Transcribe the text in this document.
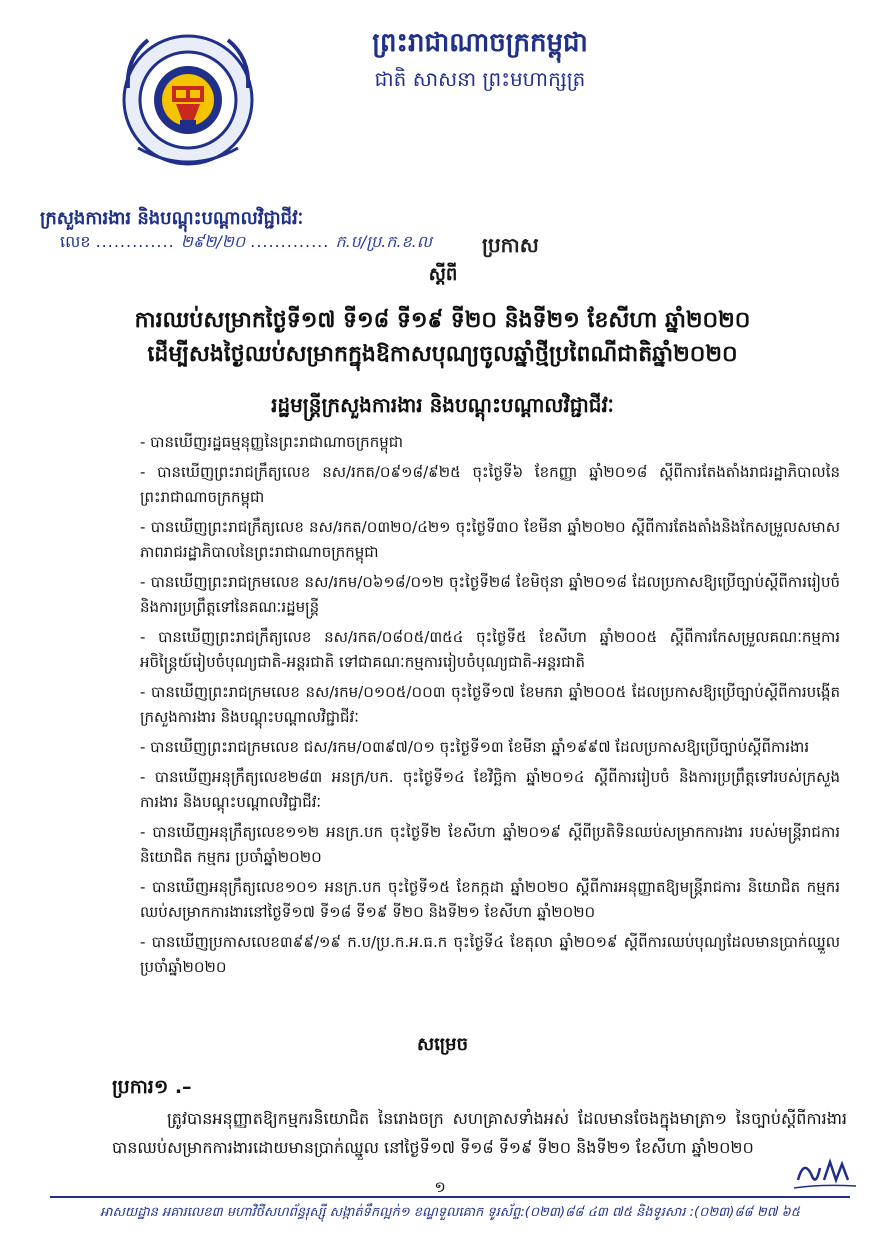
ព្រះរាជាណាចក្រកម្ពុជា
ជាតិ សាសនា ព្រះមហាក្សត្រ
ក្រសួងការងារ និងបណ្តុះបណ្តាលវិជ្ជាជីវៈ
លេខ ............. ២៩២/២០ ............. ក.ប/ប្រ.ក.ខ.ល	ប្រកាស
ស្តីពី
ការឈប់សម្រាកថ្ងៃទី១៧ ទី១៨ ទី១៩ ទី២០ និងទី២១ ខែសីហា ឆ្នាំ២០២០
ដើម្បីសងថ្ងៃឈប់សម្រាកក្នុងឱកាសបុណ្យចូលឆ្នាំថ្មីប្រពៃណីជាតិឆ្នាំ២០២០
រដ្ឋមន្ត្រីក្រសួងការងារ និងបណ្តុះបណ្តាលវិជ្ជាជីវៈ
- បានឃើញរដ្ឋធម្មនុញ្ញនៃព្រះរាជាណាចក្រកម្ពុជា
- បានឃើញព្រះរាជក្រឹត្យលេខ នស/រកត/០៩១៨/៩២៥ ចុះថ្ងៃទី៦ ខែកញ្ញា ឆ្នាំ២០១៨ ស្តីពីការតែងតាំងរាជរដ្ឋាភិបាលនៃព្រះរាជាណាចក្រកម្ពុជា
- បានឃើញព្រះរាជក្រឹត្យលេខ នស/រកត/០៣២០/៤២១ ចុះថ្ងៃទី៣០ ខែមីនា ឆ្នាំ២០២០ ស្តីពីការតែងតាំងនិងកែសម្រួលសមាសភាពរាជរដ្ឋាភិបាលនៃព្រះរាជាណាចក្រកម្ពុជា
- បានឃើញព្រះរាជក្រមលេខ នស/រកម/០៦១៨/០១២ ចុះថ្ងៃទី២៨ ខែមិថុនា ឆ្នាំ២០១៨ ដែលប្រកាសឱ្យប្រើច្បាប់ស្តីពីការរៀបចំនិងការប្រព្រឹត្តទៅនៃគណៈរដ្ឋមន្ត្រី
- បានឃើញព្រះរាជក្រឹត្យលេខ នស/រកត/០៨០៥/៣៥៤ ចុះថ្ងៃទី៥ ខែសីហា ឆ្នាំ២០០៥ ស្តីពីការកែសម្រួលគណៈកម្មការអចិន្ត្រៃយ៍រៀបចំបុណ្យជាតិ-អន្តរជាតិ ទៅជាគណៈកម្មការរៀបចំបុណ្យជាតិ-អន្តរជាតិ
- បានឃើញព្រះរាជក្រមលេខ នស/រកម/០១០៥/០០៣ ចុះថ្ងៃទី១៧ ខែមករា ឆ្នាំ២០០៥ ដែលប្រកាសឱ្យប្រើច្បាប់ស្តីពីការបង្កើតក្រសួងការងារ និងបណ្តុះបណ្តាលវិជ្ជាជីវៈ
- បានឃើញព្រះរាជក្រមលេខ ជស/រកម/០៣៩៧/០១ ចុះថ្ងៃទី១៣ ខែមីនា ឆ្នាំ១៩៩៧ ដែលប្រកាសឱ្យប្រើច្បាប់ស្តីពីការងារ
- បានឃើញអនុក្រឹត្យលេខ២៨៣ អនក្រ/បក. ចុះថ្ងៃទី១៤ ខែវិច្ឆិកា ឆ្នាំ២០១៤ ស្តីពីការរៀបចំ និងការប្រព្រឹត្តទៅរបស់ក្រសួងការងារ និងបណ្តុះបណ្តាលវិជ្ជាជីវៈ
- បានឃើញអនុក្រឹត្យលេខ១១២ អនក្រ.បក ចុះថ្ងៃទី២ ខែសីហា ឆ្នាំ២០១៩ ស្តីពីប្រតិទិនឈប់សម្រាកការងារ របស់មន្ត្រីរាជការ និយោជិត កម្មករ ប្រចាំឆ្នាំ២០២០
- បានឃើញអនុក្រឹត្យលេខ១០១ អនក្រ.បក ចុះថ្ងៃទី១៥ ខែកក្កដា ឆ្នាំ២០២០ ស្តីពីការអនុញ្ញាតឱ្យមន្ត្រីរាជការ និយោជិត កម្មករ ឈប់សម្រាកការងារនៅថ្ងៃទី១៧ ទី១៨ ទី១៩ ទី២០ និងទី២១ ខែសីហា ឆ្នាំ២០២០
- បានឃើញប្រកាសលេខ៣៩៩/១៩ ក.ប/ប្រ.ក.អ.ធ.ក ចុះថ្ងៃទី៤ ខែតុលា ឆ្នាំ២០១៩ ស្តីពីការឈប់បុណ្យដែលមានប្រាក់ឈ្នួលប្រចាំឆ្នាំ២០២០
សម្រេច
ប្រការ១ .–
ត្រូវបានអនុញ្ញាតឱ្យកម្មករនិយោជិត នៃរោងចក្រ សហគ្រាសទាំងអស់ ដែលមានចែងក្នុងមាត្រា១ នៃច្បាប់ស្តីពីការងារ បានឈប់សម្រាកការងារដោយមានប្រាក់ឈ្នួល នៅថ្ងៃទី១៧ ទី១៨ ទី១៩ ទី២០ និងទី២១ ខែសីហា ឆ្នាំ២០២០
១
អាសយដ្ឋាន អគារលេខ៣ មហាវិថីសហព័ន្ធរុស្ស៊ី សង្កាត់ទឹកល្អក់១ ខណ្ឌទួលគោក ទូរស័ព្ទ:(០២៣)៨៨ ៤៣ ៧៥ និងទូរសារ :(០២៣)៨៨ ២៧ ៦៥
